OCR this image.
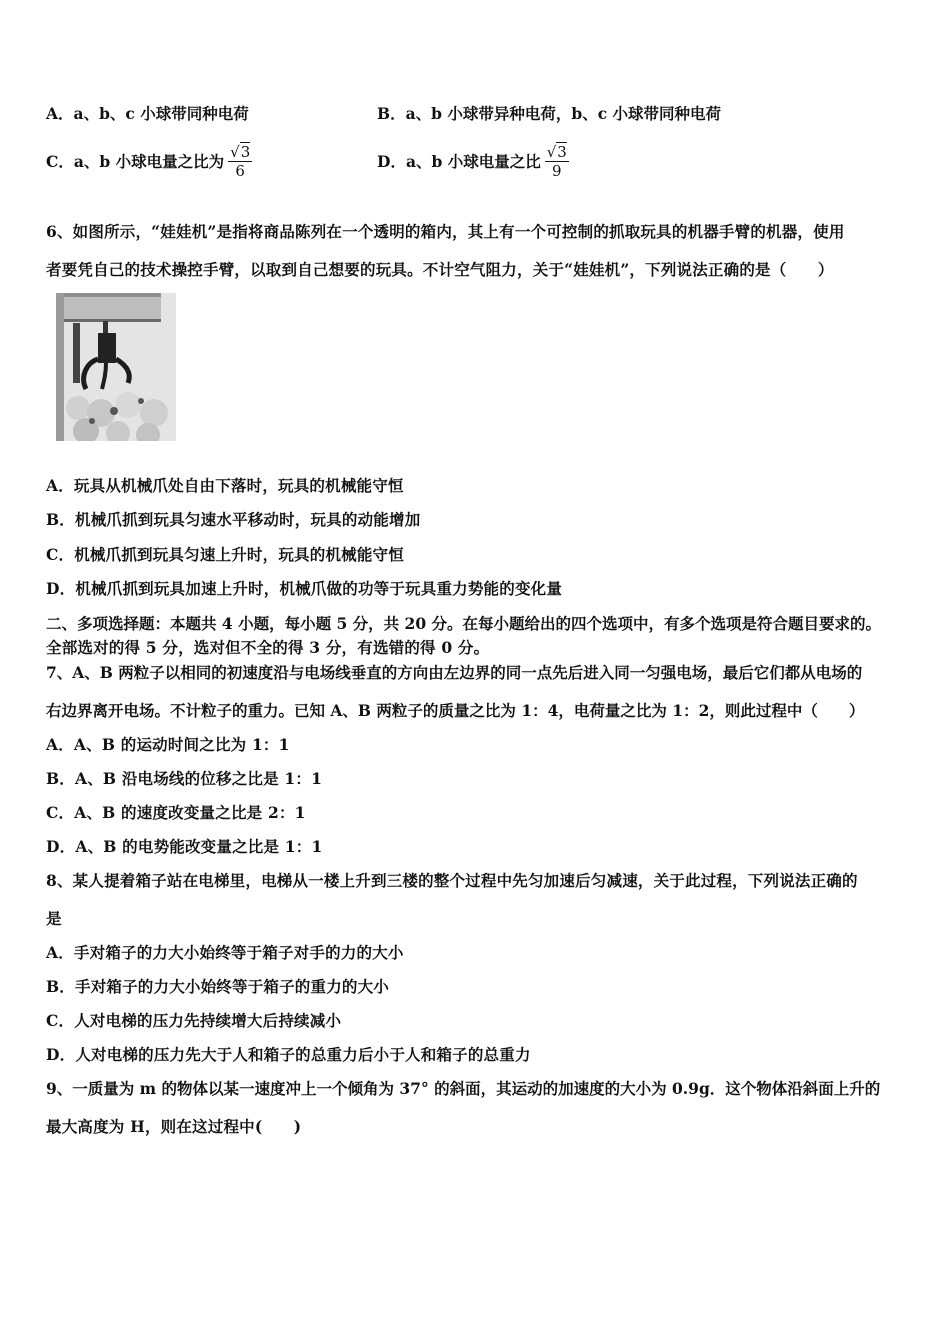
A．a、b、c 小球带同种电荷	B．a、b 小球带异种电荷，b、c 小球带同种电荷
C．a、b 小球电量之比为 $\frac{√3}{6}$	D．a、b 小球电量之比 $\frac{√3}{9}$
6、如图所示，“娃娃机”是指将商品陈列在一个透明的箱内，其上有一个可控制的抓取玩具的机器手臂的机器，使用
者要凭自己的技术操控手臂，以取到自己想要的玩具。不计空气阻力，关于“娃娃机”，下列说法正确的是（　　）
A．玩具从机械爪处自由下落时，玩具的机械能守恒
B．机械爪抓到玩具匀速水平移动时，玩具的动能增加
C．机械爪抓到玩具匀速上升时，玩具的机械能守恒
D．机械爪抓到玩具加速上升时，机械爪做的功等于玩具重力势能的变化量
二、多项选择题：本题共 4 小题，每小题 5 分，共 20 分。在每小题给出的四个选项中，有多个选项是符合题目要求的。
全部选对的得 5 分，选对但不全的得 3 分，有选错的得 0 分。
7、A、B 两粒子以相同的初速度沿与电场线垂直的方向由左边界的同一点先后进入同一匀强电场，最后它们都从电场的
右边界离开电场。不计粒子的重力。已知 A、B 两粒子的质量之比为 1：4，电荷量之比为 1：2，则此过程中（　　）
A．A、B 的运动时间之比为 1：1
B．A、B 沿电场线的位移之比是 1：1
C．A、B 的速度改变量之比是 2：1
D．A、B 的电势能改变量之比是 1：1
8、某人提着箱子站在电梯里，电梯从一楼上升到三楼的整个过程中先匀加速后匀减速，关于此过程，下列说法正确的
是
A．手对箱子的力大小始终等于箱子对手的力的大小
B．手对箱子的力大小始终等于箱子的重力的大小
C．人对电梯的压力先持续增大后持续减小
D．人对电梯的压力先大于人和箱子的总重力后小于人和箱子的总重力
9、一质量为 m 的物体以某一速度冲上一个倾角为 37° 的斜面，其运动的加速度的大小为 0.9g．这个物体沿斜面上升的
最大高度为 H，则在这过程中(　　)
